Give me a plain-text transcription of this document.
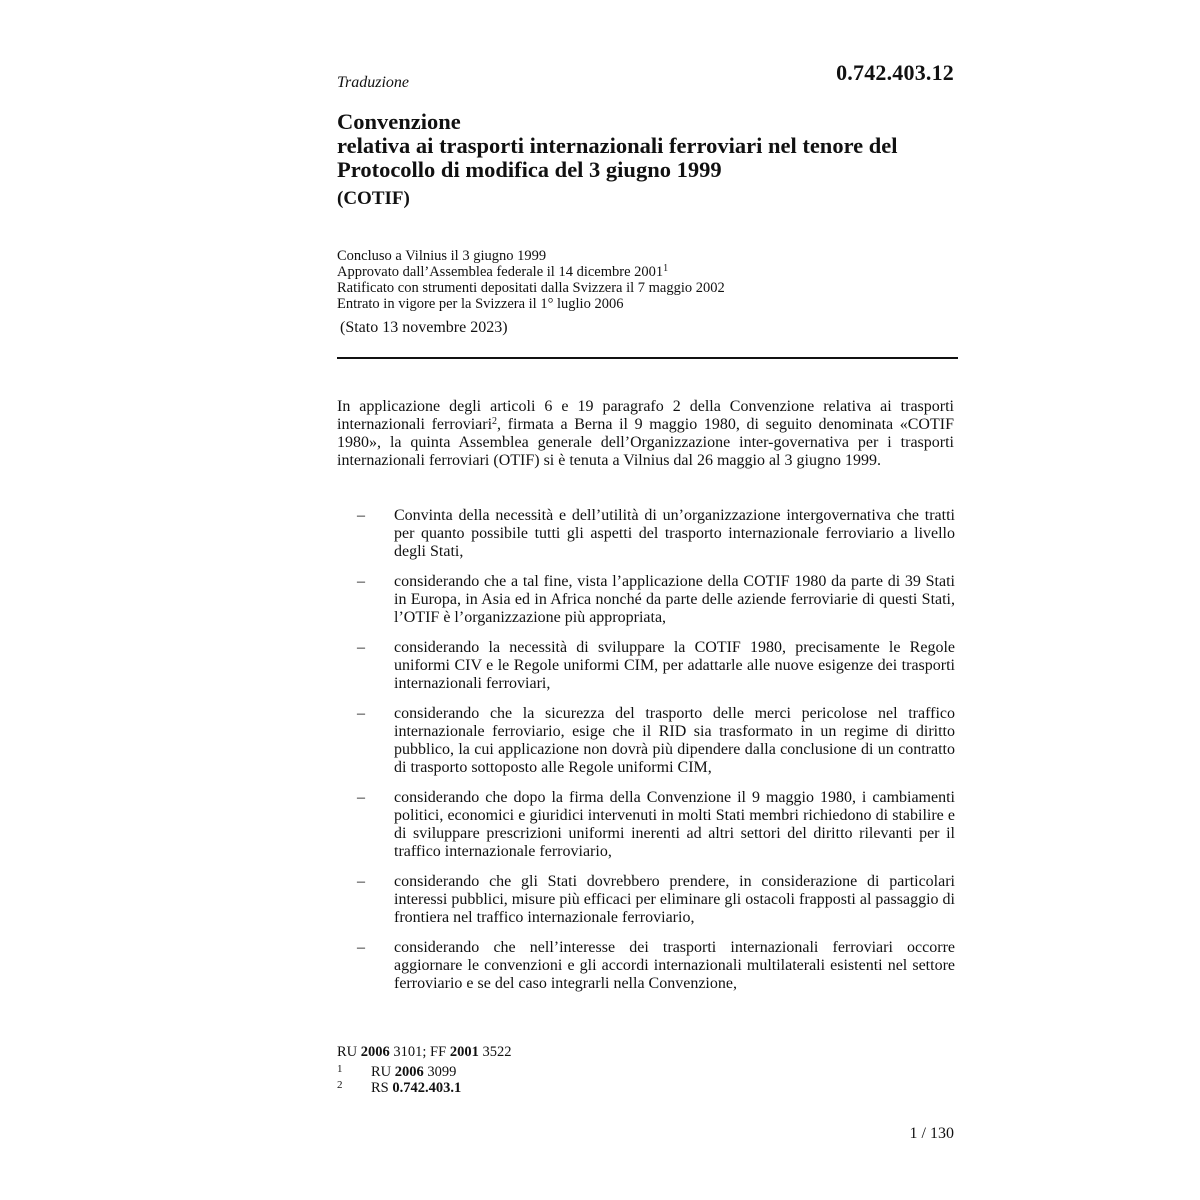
0.742.403.12
Traduzione
Convenzione
relativa ai trasporti internazionali ferroviari nel tenore del
Protocollo di modifica del 3 giugno 1999
(COTIF)
Concluso a Vilnius il 3 giugno 1999
Approvato dall’Assemblea federale il 14 dicembre 2001$^1$
Ratificato con strumenti depositati dalla Svizzera il 7 maggio 2002
Entrato in vigore per la Svizzera il 1° luglio 2006
(Stato 13 novembre 2023)
In applicazione degli articoli 6 e 19 paragrafo 2 della Convenzione relativa ai trasporti internazionali ferroviari$^2$, firmata a Berna il 9 maggio 1980, di seguito denominata «COTIF 1980», la quinta Assemblea generale dell’Organizzazione inter-governativa per i trasporti internazionali ferroviari (OTIF) si è tenuta a Vilnius dal 26 maggio al 3 giugno 1999.
– Convinta della necessità e dell’utilità di un’organizzazione intergovernativa che tratti per quanto possibile tutti gli aspetti del trasporto internazionale ferroviario a livello degli Stati,
– considerando che a tal fine, vista l’applicazione della COTIF 1980 da parte di 39 Stati in Europa, in Asia ed in Africa nonché da parte delle aziende ferroviarie di questi Stati, l’OTIF è l’organizzazione più appropriata,
– considerando la necessità di sviluppare la COTIF 1980, precisamente le Regole uniformi CIV e le Regole uniformi CIM, per adattarle alle nuove esigenze dei trasporti internazionali ferroviari,
– considerando che la sicurezza del trasporto delle merci pericolose nel traffico internazionale ferroviario, esige che il RID sia trasformato in un regime di diritto pubblico, la cui applicazione non dovrà più dipendere dalla conclusione di un contratto di trasporto sottoposto alle Regole uniformi CIM,
– considerando che dopo la firma della Convenzione il 9 maggio 1980, i cambiamenti politici, economici e giuridici intervenuti in molti Stati membri richiedono di stabilire e di sviluppare prescrizioni uniformi inerenti ad altri settori del diritto rilevanti per il traffico internazionale ferroviario,
– considerando che gli Stati dovrebbero prendere, in considerazione di particolari interessi pubblici, misure più efficaci per eliminare gli ostacoli frapposti al passaggio di frontiera nel traffico internazionale ferroviario,
– considerando che nell’interesse dei trasporti internazionali ferroviari occorre aggiornare le convenzioni e gli accordi internazionali multilaterali esistenti nel settore ferroviario e se del caso integrarli nella Convenzione,
RU 2006 3101; FF 2001 3522
1 RU 2006 3099
2 RS 0.742.403.1
1 / 130
